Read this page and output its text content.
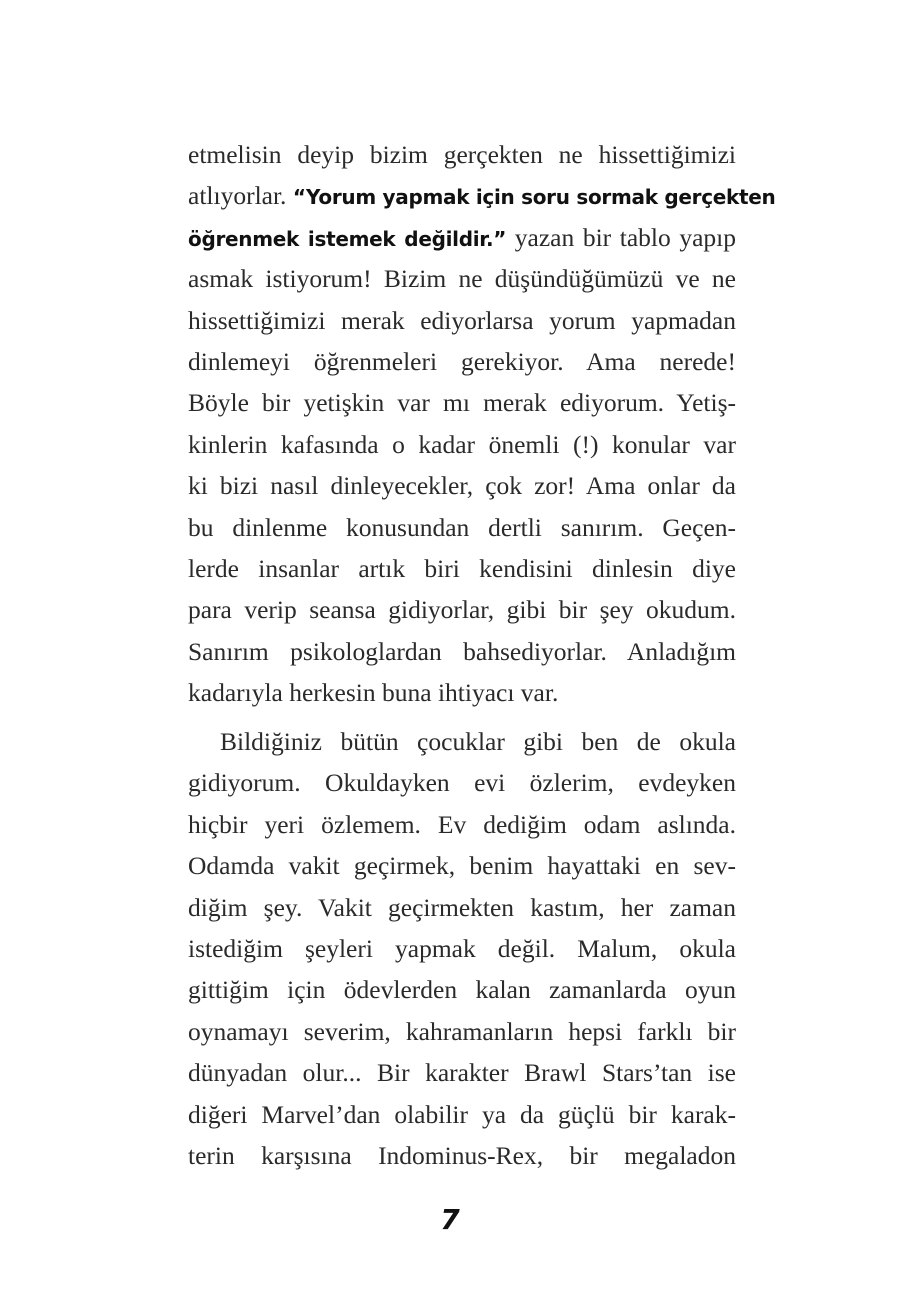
etmelisin deyip bizim gerçekten ne hissettiğimizi
atlıyorlar. “Yorum yapmak için soru sormak gerçekten
öğrenmek istemek değildir.” yazan bir tablo yapıp
asmak istiyorum! Bizim ne düşündüğümüzü ve ne
hissettiğimizi merak ediyorlarsa yorum yapmadan
dinlemeyi öğrenmeleri gerekiyor. Ama nerede!
Böyle bir yetişkin var mı merak ediyorum. Yetiş-
kinlerin kafasında o kadar önemli (!) konular var
ki bizi nasıl dinleyecekler, çok zor! Ama onlar da
bu dinlenme konusundan dertli sanırım. Geçen-
lerde insanlar artık biri kendisini dinlesin diye
para verip seansa gidiyorlar, gibi bir şey okudum.
Sanırım psikologlardan bahsediyorlar. Anladığım
kadarıyla herkesin buna ihtiyacı var.
Bildiğiniz bütün çocuklar gibi ben de okula
gidiyorum. Okuldayken evi özlerim, evdeyken
hiçbir yeri özlemem. Ev dediğim odam aslında.
Odamda vakit geçirmek, benim hayattaki en sev-
diğim şey. Vakit geçirmekten kastım, her zaman
istediğim şeyleri yapmak değil. Malum, okula
gittiğim için ödevlerden kalan zamanlarda oyun
oynamayı severim, kahramanların hepsi farklı bir
dünyadan olur... Bir karakter Brawl Stars’tan ise
diğeri Marvel’dan olabilir ya da güçlü bir karak-
terin karşısına Indominus-Rex, bir megaladon
7
